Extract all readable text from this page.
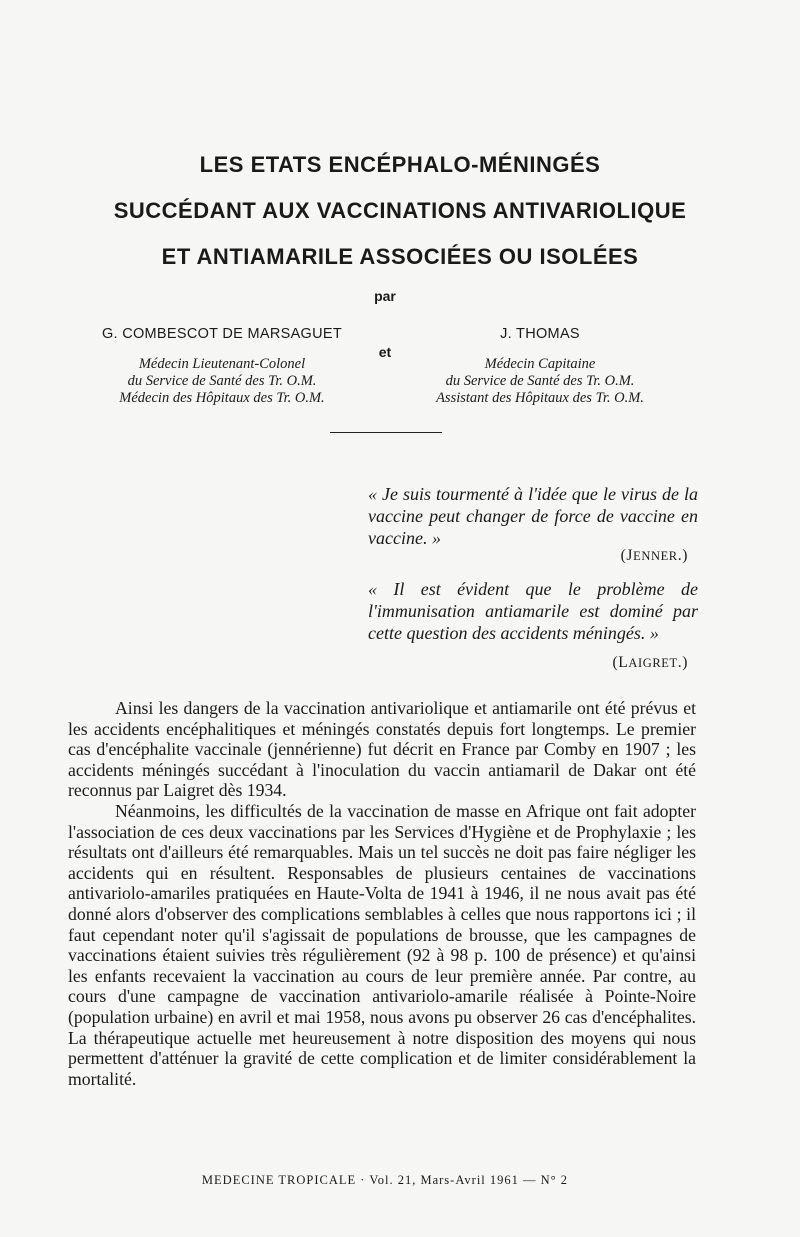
LES ETATS ENCÉPHALO-MÉNINGÉS
SUCCÉDANT AUX VACCINATIONS ANTIVARIOLIQUE
ET ANTIAMARILE ASSOCIÉES OU ISOLÉES
par
G. COMBESCOT DE MARSAGUET
et
J. THOMAS
Médecin Lieutenant-Colonel
du Service de Santé des Tr. O.M.
Médecin des Hôpitaux des Tr. O.M.
Médecin Capitaine
du Service de Santé des Tr. O.M.
Assistant des Hôpitaux des Tr. O.M.

« Je suis tourmenté à l'idée que le virus de la vaccine peut changer de force de vaccine en vaccine. »

(JENNER.)

« Il est évident que le problème de l'immunisation antiamarile est dominé par cette question des accidents méningés. »

(LAIGRET.)

Ainsi les dangers de la vaccination antivariolique et antiamarile ont été prévus et les accidents encéphalitiques et méningés constatés depuis fort longtemps. Le premier cas d'encéphalite vaccinale (jennérienne) fut décrit en France par Comby en 1907 ; les accidents méningés succédant à l'inoculation du vaccin antiamaril de Dakar ont été reconnus par Laigret dès 1934.

Néanmoins, les difficultés de la vaccination de masse en Afrique ont fait adopter l'association de ces deux vaccinations par les Services d'Hygiène et de Prophylaxie ; les résultats ont d'ailleurs été remarquables. Mais un tel succès ne doit pas faire négliger les accidents qui en résultent. Responsables de plusieurs centaines de vaccinations antivariolo-amariles pratiquées en Haute-Volta de 1941 à 1946, il ne nous avait pas été donné alors d'observer des complications semblables à celles que nous rapportons ici ; il faut cependant noter qu'il s'agissait de populations de brousse, que les campagnes de vaccinations étaient suivies très régulièrement (92 à 98 p. 100 de présence) et qu'ainsi les enfants recevaient la vaccination au cours de leur première année. Par contre, au cours d'une campagne de vaccination antivariolo-amarile réalisée à Pointe-Noire (population urbaine) en avril et mai 1958, nous avons pu observer 26 cas d'encéphalites. La thérapeutique actuelle met heureusement à notre disposition des moyens qui nous permettent d'atténuer la gravité de cette complication et de limiter considérablement la mortalité.

MEDECINE TROPICALE · Vol. 21, Mars-Avril 1961 — N° 2
